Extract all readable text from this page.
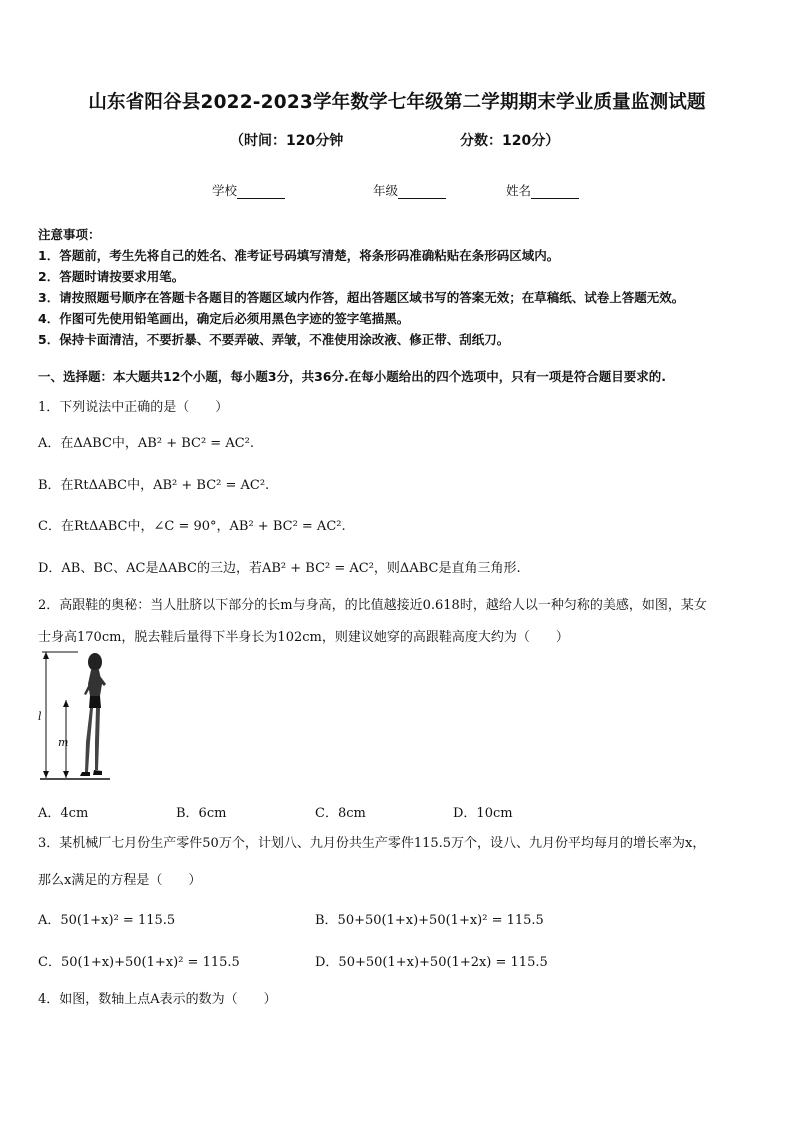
山东省阳谷县2022-2023学年数学七年级第二学期期末学业质量监测试题
（时间：120分钟	分数：120分）
学校	年级	姓名
注意事项：
1．答题前，考生先将自己的姓名、准考证号码填写清楚，将条形码准确粘贴在条形码区域内。
2．答题时请按要求用笔。
3．请按照题号顺序在答题卡各题目的答题区域内作答，超出答题区域书写的答案无效；在草稿纸、试卷上答题无效。
4．作图可先使用铅笔画出，确定后必须用黑色字迹的签字笔描黑。
5．保持卡面清洁，不要折暴、不要弄破、弄皱，不准使用涂改液、修正带、刮纸刀。
一、选择题：本大题共12个小题，每小题3分，共36分.在每小题给出的四个选项中，只有一项是符合题目要求的.
1．下列说法中正确的是（　　）
A．在ΔABC中，AB² + BC² = AC².
B．在RtΔABC中，AB² + BC² = AC².
C．在RtΔABC中，∠C = 90°，AB² + BC² = AC².
D．AB、BC、AC是ΔABC的三边，若AB² + BC² = AC²，则ΔABC是直角三角形.
2．高跟鞋的奥秘：当人肚脐以下部分的长m与身高，的比值越接近0.618时，越给人以一种匀称的美感，如图，某女
士身高170cm，脱去鞋后量得下半身长为102cm，则建议她穿的高跟鞋高度大约为（　　）
l
m
A．4cm	B．6cm	C．8cm	D．10cm
3．某机械厂七月份生产零件50万个，计划八、九月份共生产零件115.5万个，设八、九月份平均每月的增长率为x，
那么x满足的方程是（　　）
A．50(1+x)² = 115.5	B．50+50(1+x)+50(1+x)² = 115.5
C．50(1+x)+50(1+x)² = 115.5	D．50+50(1+x)+50(1+2x) = 115.5
4．如图，数轴上点A表示的数为（　　）
